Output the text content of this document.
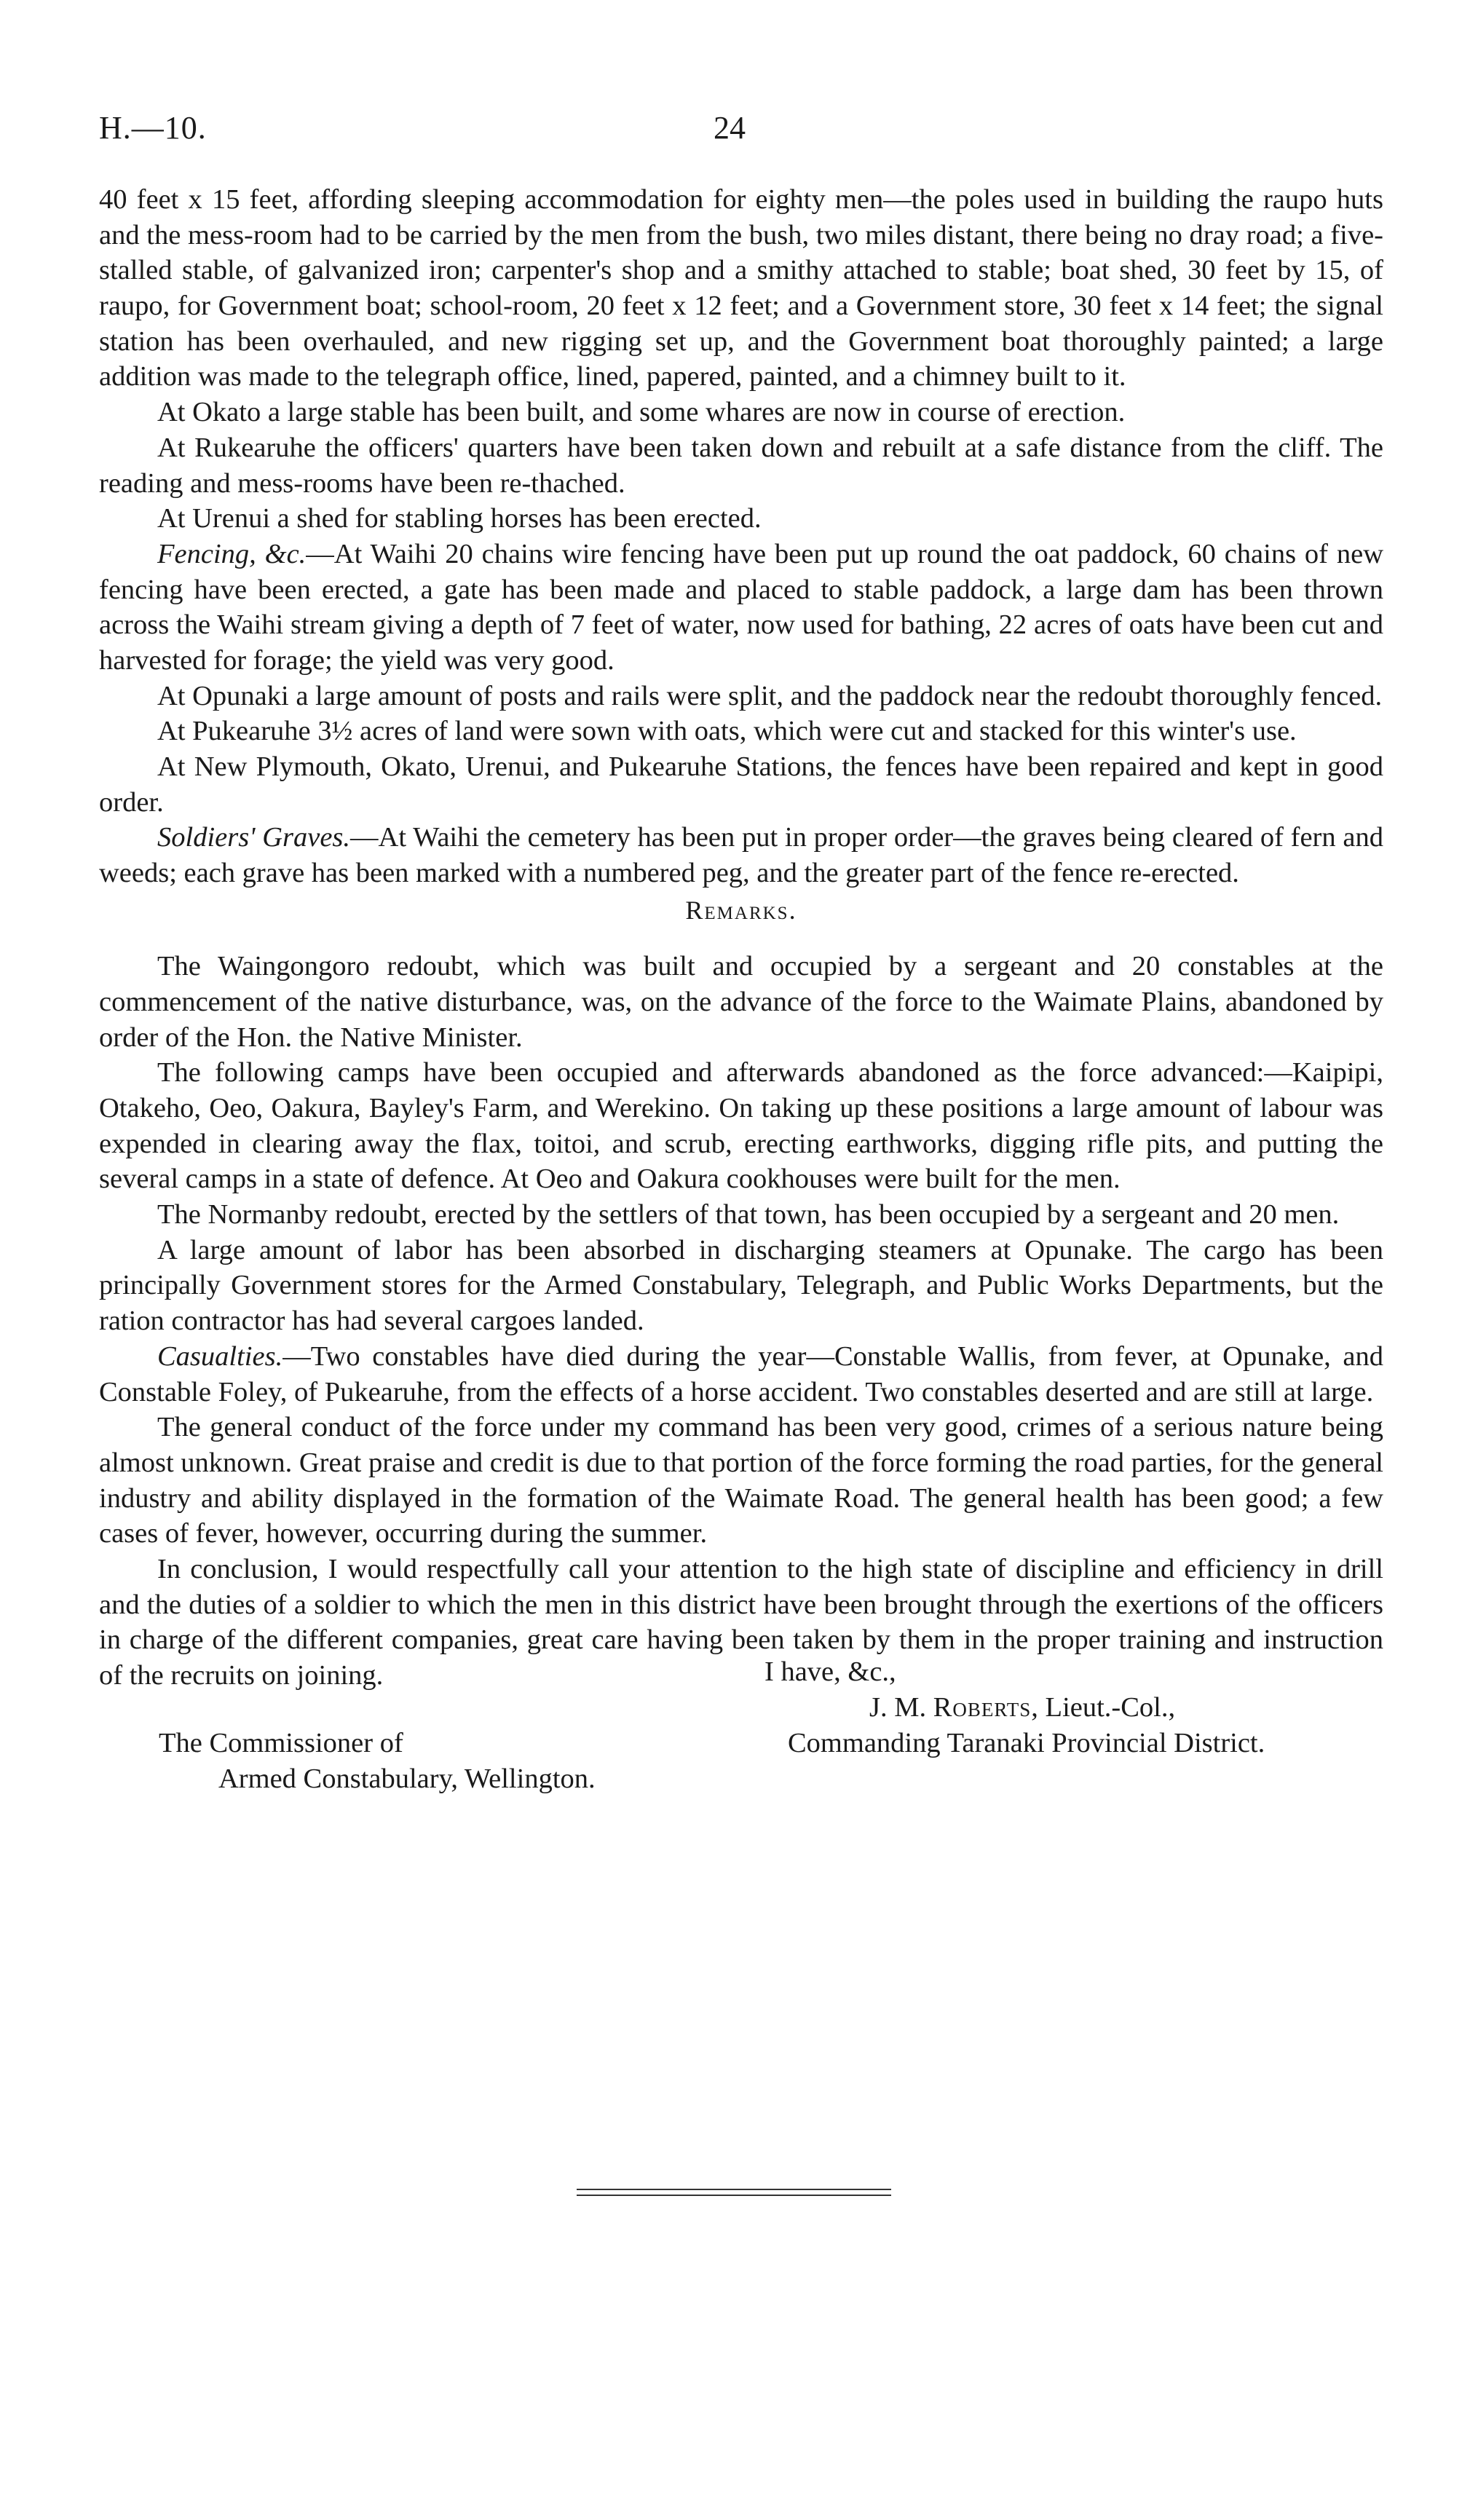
H.—10.	24

40 feet x 15 feet, affording sleeping accommodation for eighty men—the poles used in building the raupo huts and the mess-room had to be carried by the men from the bush, two miles distant, there being no dray road; a five-stalled stable, of galvanized iron; carpenter's shop and a smithy attached to stable; boat shed, 30 feet by 15, of raupo, for Government boat; school-room, 20 feet x 12 feet; and a Government store, 30 feet x 14 feet; the signal station has been overhauled, and new rigging set up, and the Government boat thoroughly painted; a large addition was made to the telegraph office, lined, papered, painted, and a chimney built to it.

At Okato a large stable has been built, and some whares are now in course of erection.

At Rukearuhe the officers' quarters have been taken down and rebuilt at a safe distance from the cliff. The reading and mess-rooms have been re-thached.

At Urenui a shed for stabling horses has been erected.

Fencing, &c.—At Waihi 20 chains wire fencing have been put up round the oat paddock, 60 chains of new fencing have been erected, a gate has been made and placed to stable paddock, a large dam has been thrown across the Waihi stream giving a depth of 7 feet of water, now used for bathing, 22 acres of oats have been cut and harvested for forage; the yield was very good.

At Opunaki a large amount of posts and rails were split, and the paddock near the redoubt thoroughly fenced.

At Pukearuhe 3½ acres of land were sown with oats, which were cut and stacked for this winter's use.

At New Plymouth, Okato, Urenui, and Pukearuhe Stations, the fences have been repaired and kept in good order.

Soldiers' Graves.—At Waihi the cemetery has been put in proper order—the graves being cleared of fern and weeds; each grave has been marked with a numbered peg, and the greater part of the fence re-erected.

Remarks.

The Waingongoro redoubt, which was built and occupied by a sergeant and 20 constables at the commencement of the native disturbance, was, on the advance of the force to the Waimate Plains, abandoned by order of the Hon. the Native Minister.

The following camps have been occupied and afterwards abandoned as the force advanced:—Kaipipi, Otakeho, Oeo, Oakura, Bayley's Farm, and Werekino. On taking up these positions a large amount of labour was expended in clearing away the flax, toitoi, and scrub, erecting earthworks, digging rifle pits, and putting the several camps in a state of defence. At Oeo and Oakura cookhouses were built for the men.

The Normanby redoubt, erected by the settlers of that town, has been occupied by a sergeant and 20 men.

A large amount of labor has been absorbed in discharging steamers at Opunake. The cargo has been principally Government stores for the Armed Constabulary, Telegraph, and Public Works Departments, but the ration contractor has had several cargoes landed.

Casualties.—Two constables have died during the year—Constable Wallis, from fever, at Opunake, and Constable Foley, of Pukearuhe, from the effects of a horse accident. Two constables deserted and are still at large.

The general conduct of the force under my command has been very good, crimes of a serious nature being almost unknown. Great praise and credit is due to that portion of the force forming the road parties, for the general industry and ability displayed in the formation of the Waimate Road. The general health has been good; a few cases of fever, however, occurring during the summer.

In conclusion, I would respectfully call your attention to the high state of discipline and efficiency in drill and the duties of a soldier to which the men in this district have been brought through the exertions of the officers in charge of the different companies, great care having been taken by them in the proper training and instruction of the recruits on joining.	I have, &c.,
J. M. Roberts, Lieut.-Col.,
Commanding Taranaki Provincial District.
The Commissioner of
Armed Constabulary, Wellington.
